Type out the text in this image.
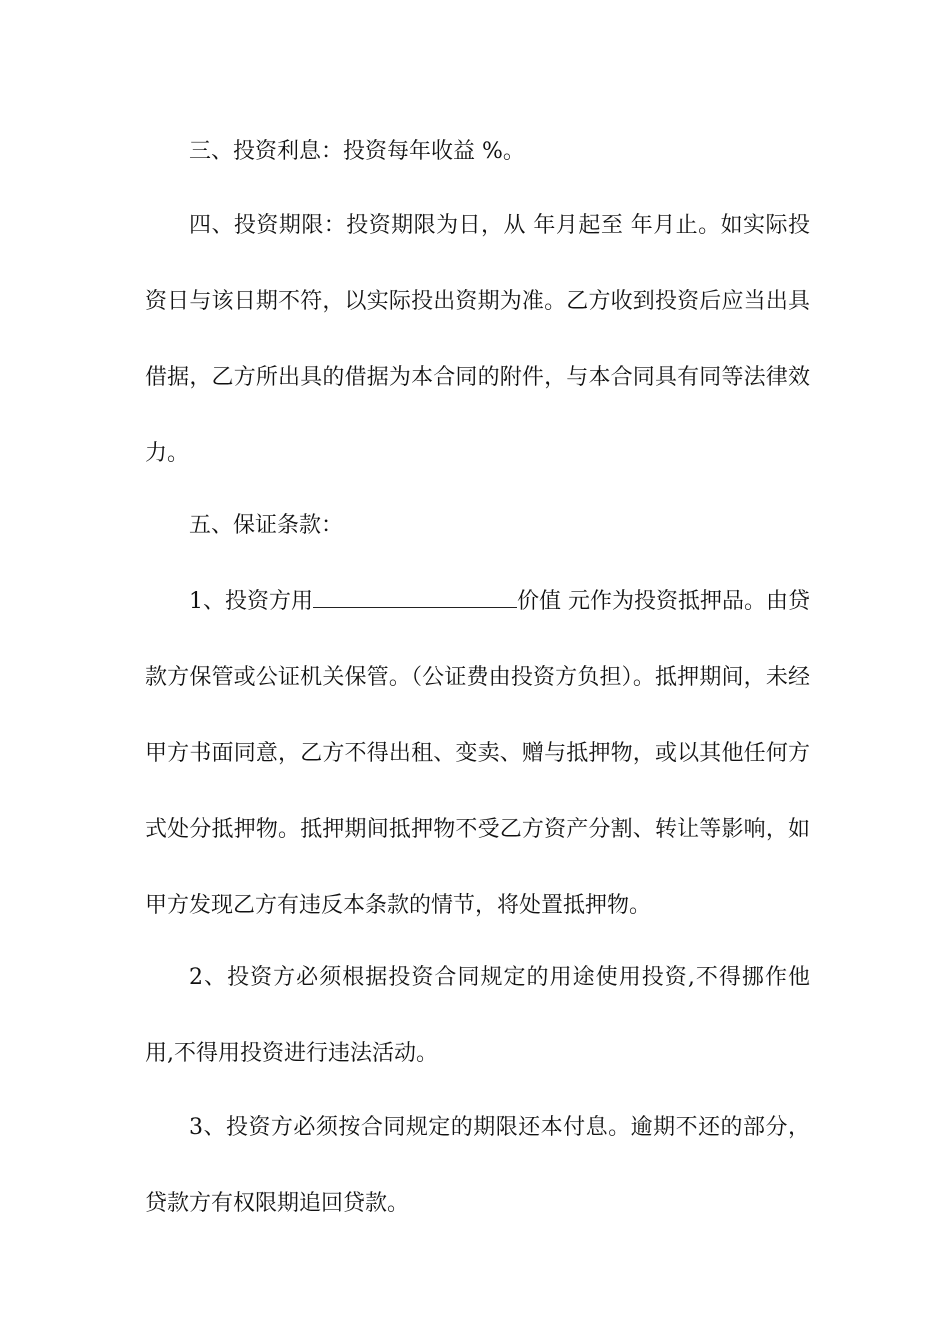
三、投资利息：投资每年收益 %。

四、投资期限：投资期限为日，从 年月起至 年月止。如实际投资日与该日期不符，以实际投出资期为准。乙方收到投资后应当出具借据，乙方所出具的借据为本合同的附件，与本合同具有同等法律效力。

五、保证条款：

1、投资方用	价值 元作为投资抵押品。由贷款方保管或公证机关保管。（公证费由投资方负担）。抵押期间，未经甲方书面同意，乙方不得出租、变卖、赠与抵押物，或以其他任何方式处分抵押物。抵押期间抵押物不受乙方资产分割、转让等影响，如甲方发现乙方有违反本条款的情节，将处置抵押物。

2、投资方必须根据投资合同规定的用途使用投资,不得挪作他用,不得用投资进行违法活动。

3、投资方必须按合同规定的期限还本付息。逾期不还的部分，贷款方有权限期追回贷款。
